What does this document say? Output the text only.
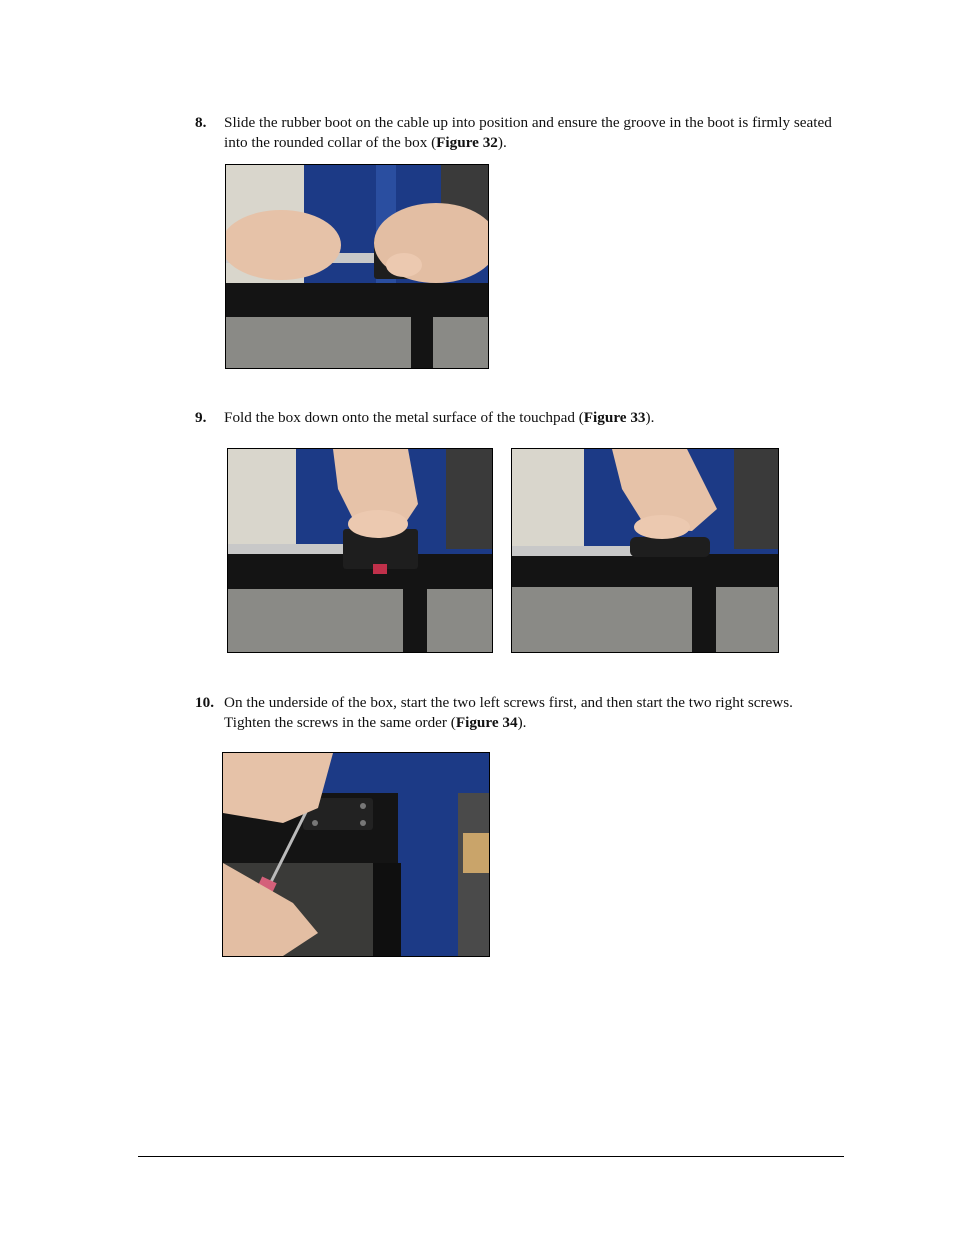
8. Slide the rubber boot on the cable up into position and ensure the groove in the boot is firmly seated into the rounded collar of the box (Figure 32).
9. Fold the box down onto the metal surface of the touchpad (Figure 33).
10. On the underside of the box, start the two left screws first, and then start the two right screws. Tighten the screws in the same order (Figure 34).
